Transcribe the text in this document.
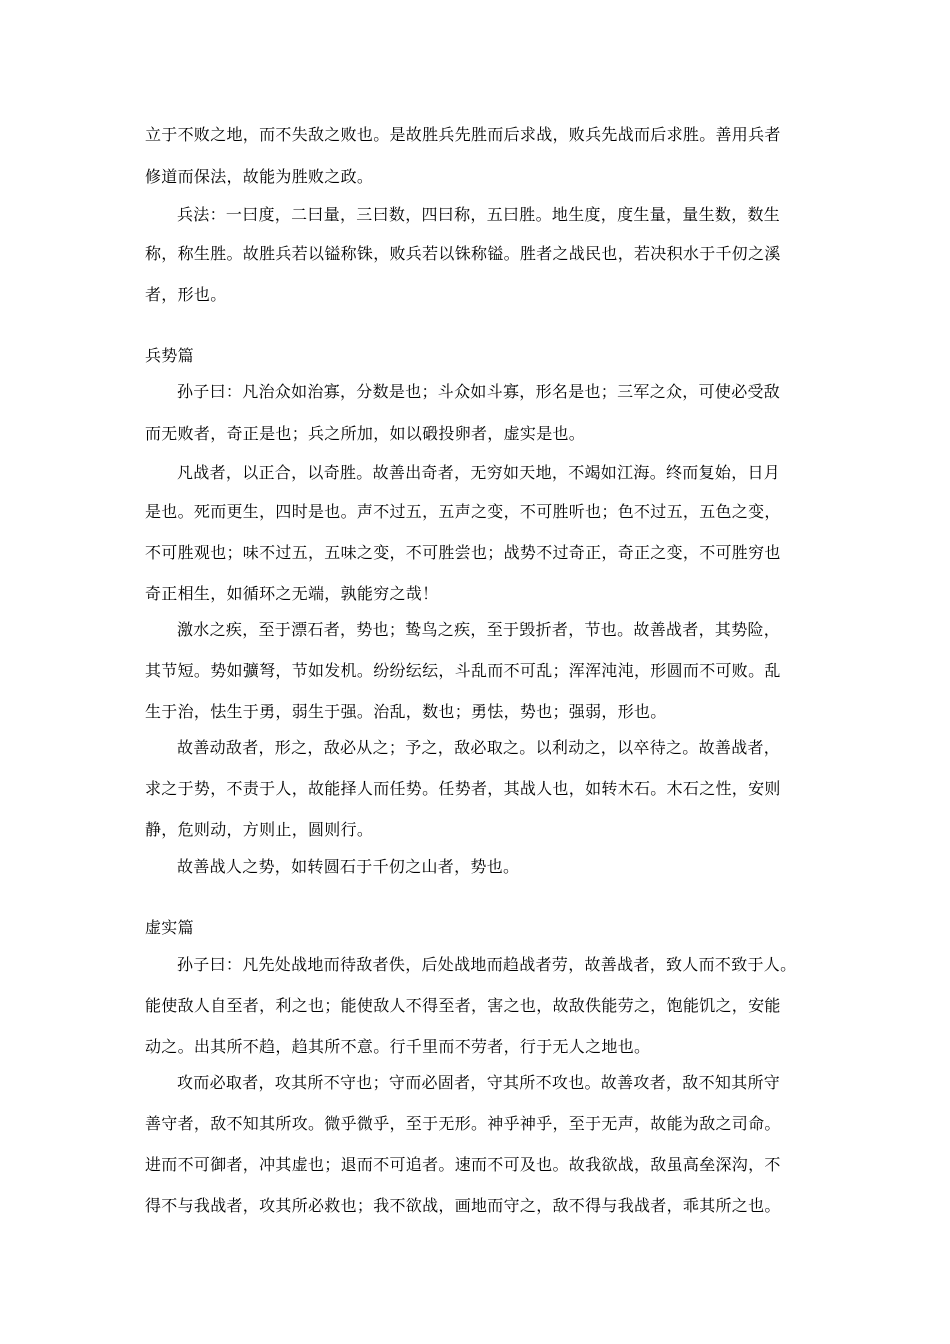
立于不败之地，而不失敌之败也。是故胜兵先胜而后求战，败兵先战而后求胜。善用兵者
修道而保法，故能为胜败之政。
兵法：一曰度，二曰量，三曰数，四曰称，五曰胜。地生度，度生量，量生数，数生
称，称生胜。故胜兵若以镒称铢，败兵若以铢称镒。胜者之战民也，若决积水于千仞之溪
者，形也。
兵势篇
孙子曰：凡治众如治寡，分数是也；斗众如斗寡，形名是也；三军之众，可使必受敌
而无败者，奇正是也；兵之所加，如以碫投卵者，虚实是也。
凡战者，以正合，以奇胜。故善出奇者，无穷如天地，不竭如江海。终而复始，日月
是也。死而更生，四时是也。声不过五，五声之变，不可胜听也；色不过五，五色之变，
不可胜观也；味不过五，五味之变，不可胜尝也；战势不过奇正，奇正之变，不可胜穷也
奇正相生，如循环之无端，孰能穷之哉！
激水之疾，至于漂石者，势也；鸷鸟之疾，至于毁折者，节也。故善战者，其势险，
其节短。势如彍弩，节如发机。纷纷纭纭，斗乱而不可乱；浑浑沌沌，形圆而不可败。乱
生于治，怯生于勇，弱生于强。治乱，数也；勇怯，势也；强弱，形也。
故善动敌者，形之，敌必从之；予之，敌必取之。以利动之，以卒待之。故善战者，
求之于势，不责于人，故能择人而任势。任势者，其战人也，如转木石。木石之性，安则
静，危则动，方则止，圆则行。
故善战人之势，如转圆石于千仞之山者，势也。
虚实篇
孙子曰：凡先处战地而待敌者佚，后处战地而趋战者劳，故善战者，致人而不致于人。
能使敌人自至者，利之也；能使敌人不得至者，害之也，故敌佚能劳之，饱能饥之，安能
动之。出其所不趋，趋其所不意。行千里而不劳者，行于无人之地也。
攻而必取者，攻其所不守也；守而必固者，守其所不攻也。故善攻者，敌不知其所守
善守者，敌不知其所攻。微乎微乎，至于无形。神乎神乎，至于无声，故能为敌之司命。
进而不可御者，冲其虚也；退而不可追者。速而不可及也。故我欲战，敌虽高垒深沟，不
得不与我战者，攻其所必救也；我不欲战，画地而守之，敌不得与我战者，乖其所之也。
